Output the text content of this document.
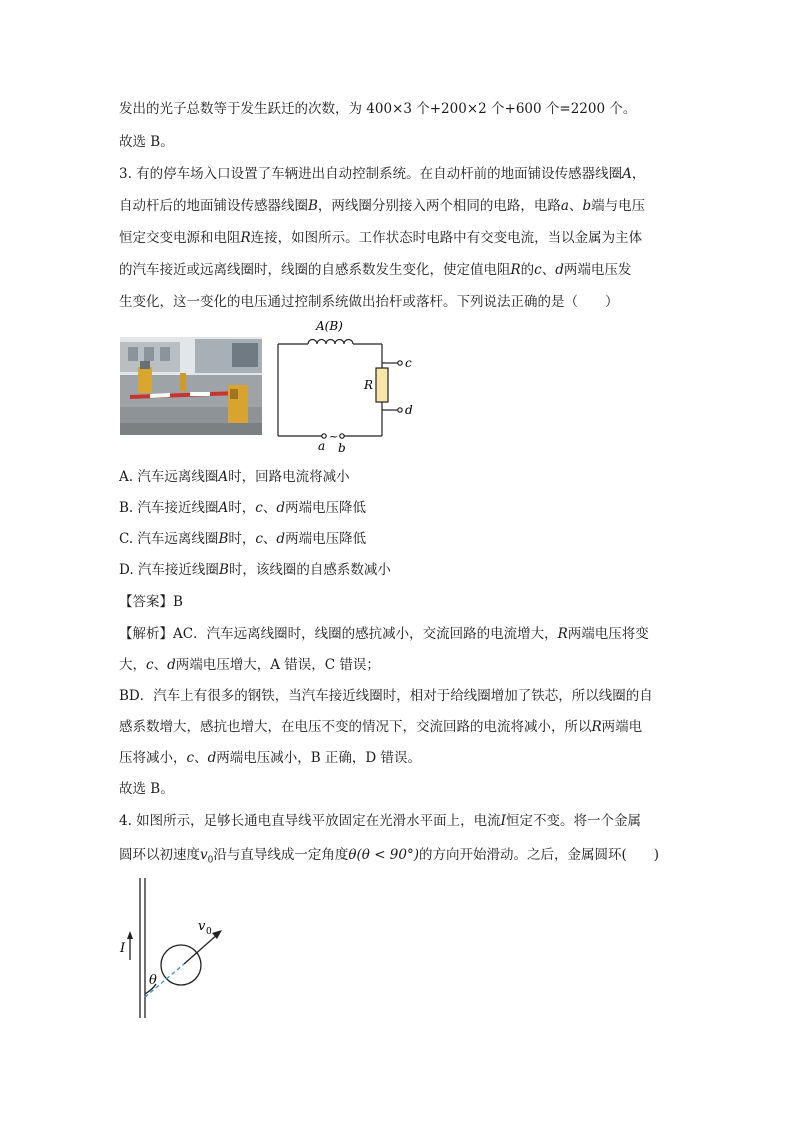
发出的光子总数等于发生跃迁的次数，为 400×3 个+200×2 个+600 个=2200 个。
故选 B。
3. 有的停车场入口设置了车辆进出自动控制系统。在自动杆前的地面铺设传感器线圈A，
自动杆后的地面铺设传感器线圈B，两线圈分别接入两个相同的电路，电路a、b端与电压
恒定交变电源和电阻R连接，如图所示。工作状态时电路中有交变电流，当以金属为主体
的汽车接近或远离线圈时，线圈的自感系数发生变化，使定值电阻R的c、d两端电压发
生变化，这一变化的电压通过控制系统做出抬杆或落杆。下列说法正确的是（　　）
A(B)
R
c
d
~
a b
A. 汽车远离线圈A时，回路电流将减小
B. 汽车接近线圈A时，c、d两端电压降低
C. 汽车远离线圈B时，c、d两端电压降低
D. 汽车接近线圈B时，该线圈的自感系数减小
【答案】B
【解析】AC．汽车远离线圈时，线圈的感抗减小，交流回路的电流增大，R两端电压将变
大，c、d两端电压增大，A 错误，C 错误；
BD．汽车上有很多的钢铁，当汽车接近线圈时，相对于给线圈增加了铁芯，所以线圈的自
感系数增大，感抗也增大，在电压不变的情况下，交流回路的电流将减小，所以R两端电
压将减小，c、d两端电压减小，B 正确，D 错误。
故选 B。
4. 如图所示，足够长通电直导线平放固定在光滑水平面上，电流I恒定不变。将一个金属
圆环以初速度$v_0$沿与直导线成一定角度θ(θ < 90°)的方向开始滑动。之后，金属圆环(　　)
I
v 0
θ
